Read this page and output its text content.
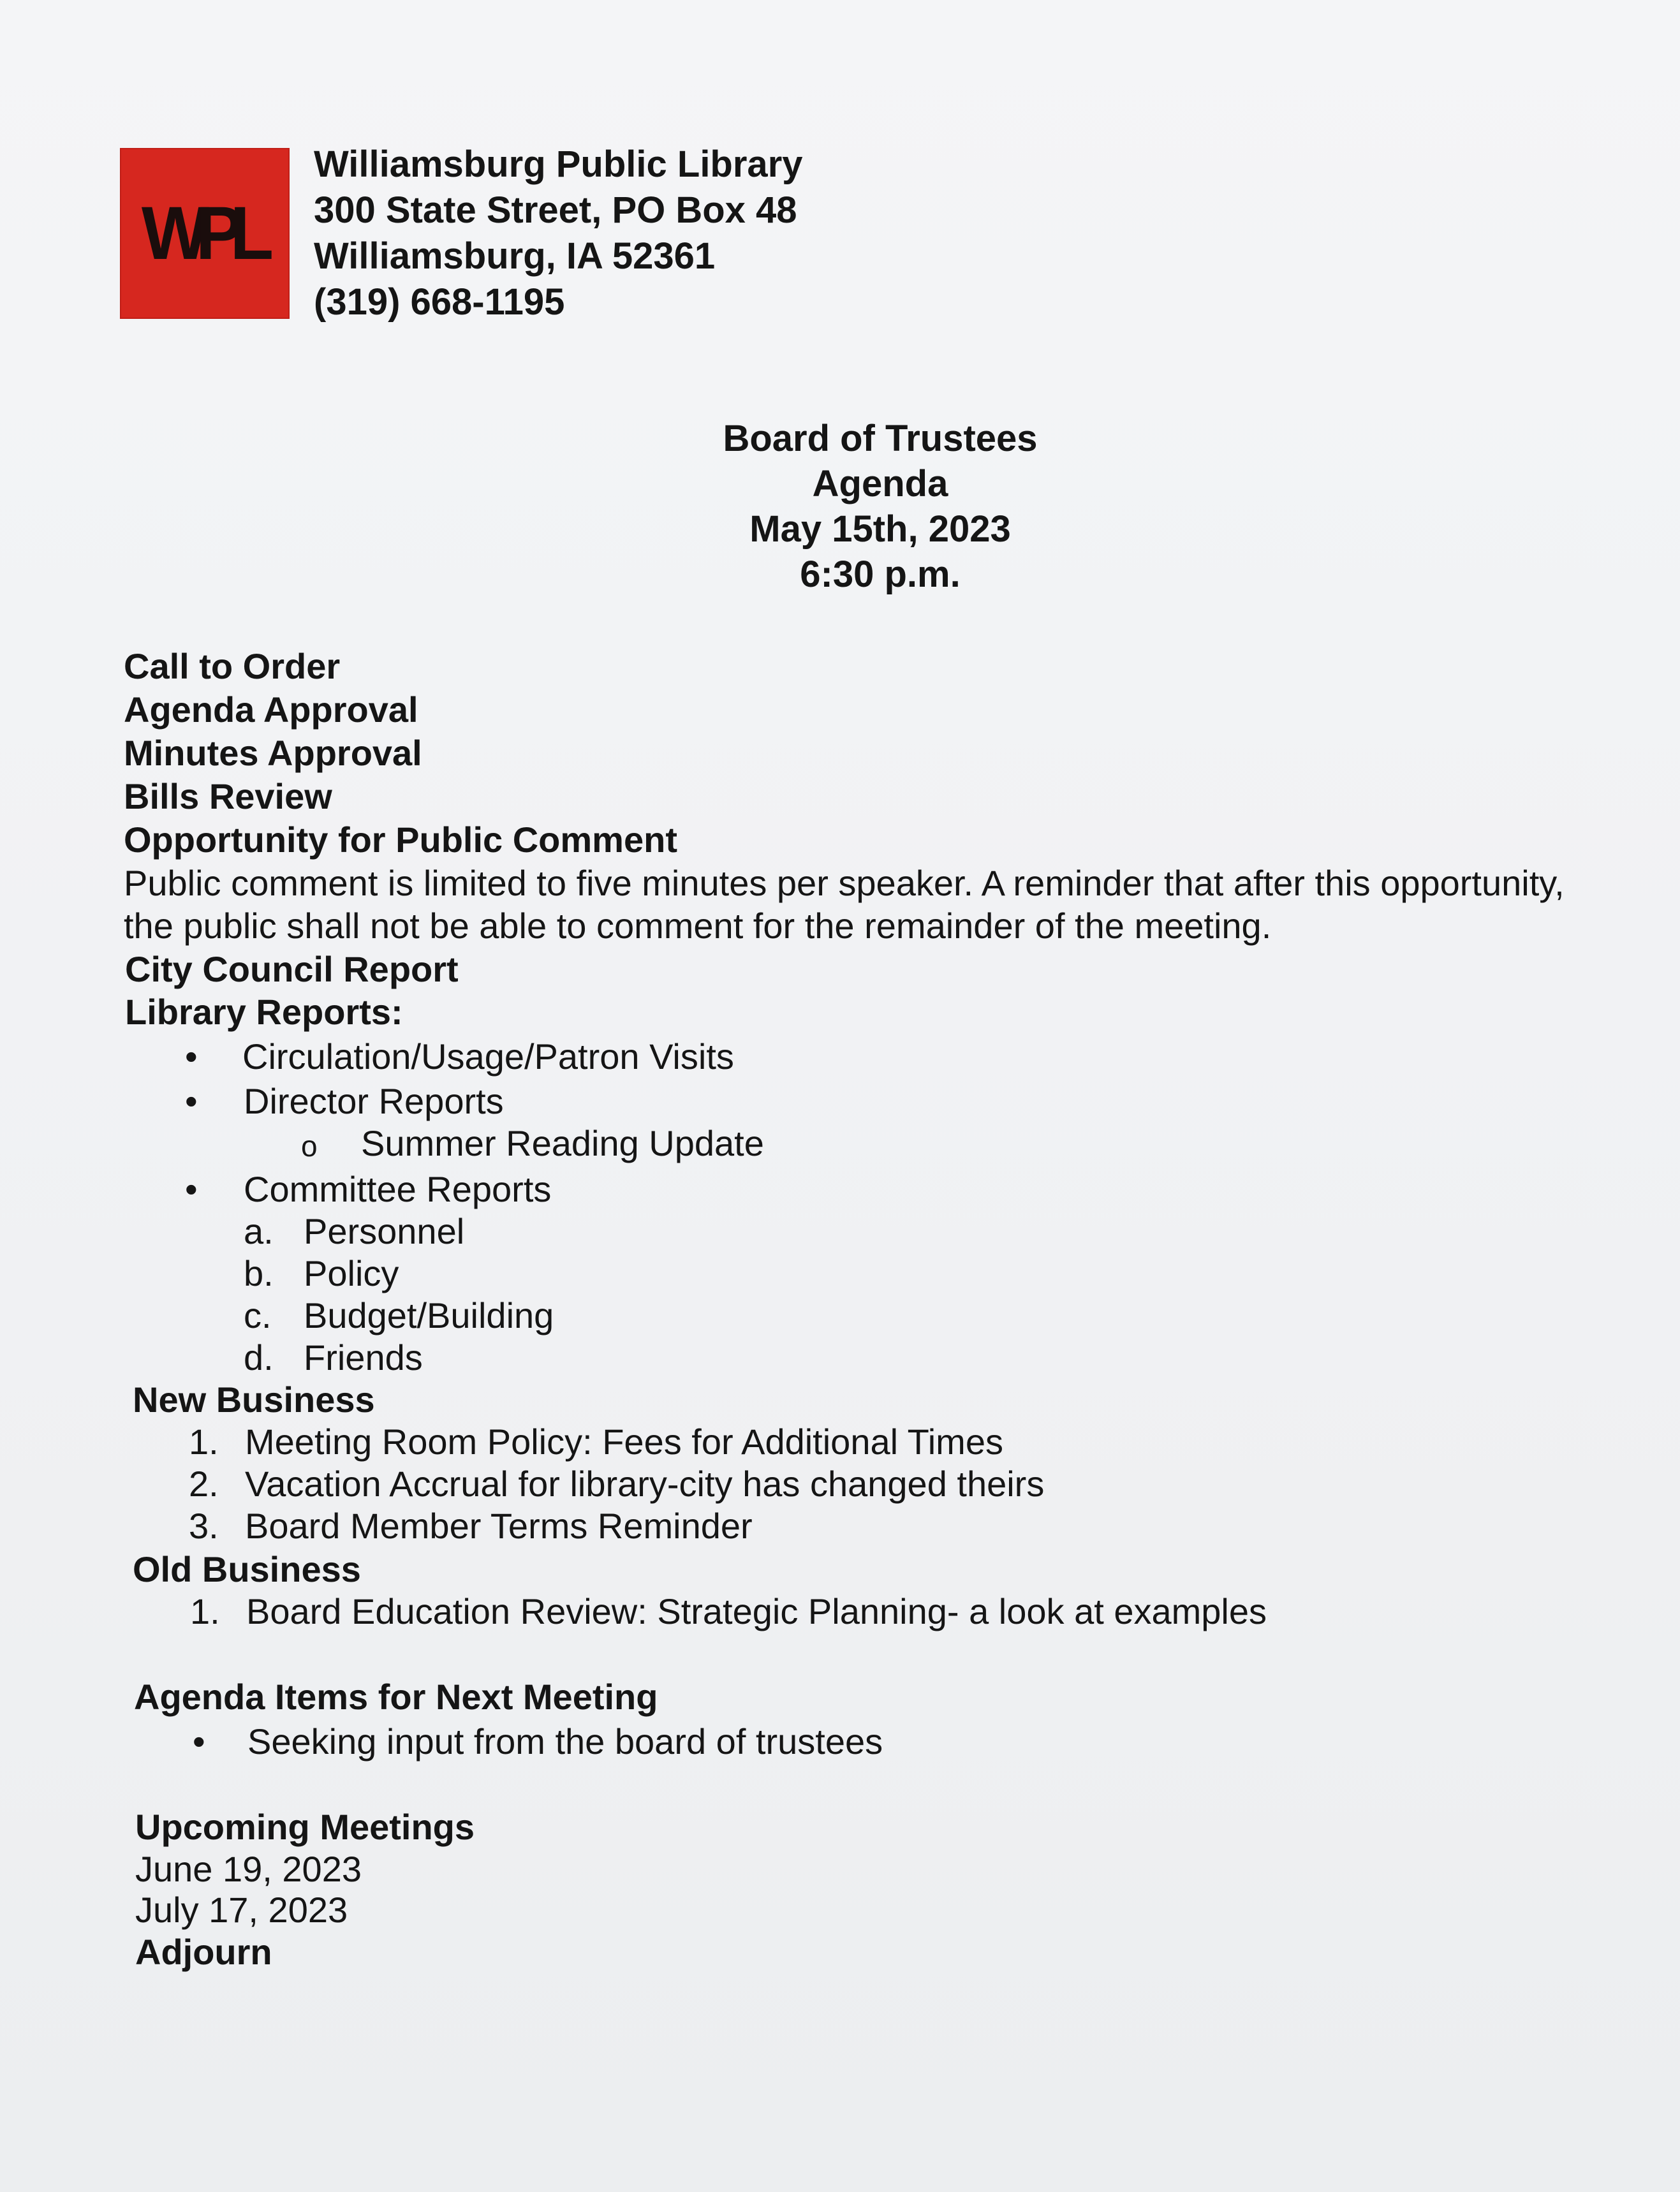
WPL
Williamsburg Public Library
300 State Street, PO Box 48
Williamsburg, IA 52361
(319) 668-1195
Board of Trustees
Agenda
May 15th, 2023
6:30 p.m.
Call to Order
Agenda Approval
Minutes Approval
Bills Review
Opportunity for Public Comment
Public comment is limited to five minutes per speaker. A reminder that after this opportunity,
the public shall not be able to comment for the remainder of the meeting.
City Council Report
Library Reports:
• Circulation/Usage/Patron Visits
• Director Reports
o Summer Reading Update
• Committee Reports
a. Personnel
b. Policy
c. Budget/Building
d. Friends
New Business
1. Meeting Room Policy: Fees for Additional Times
2. Vacation Accrual for library-city has changed theirs
3. Board Member Terms Reminder
Old Business
1. Board Education Review: Strategic Planning- a look at examples
Agenda Items for Next Meeting
• Seeking input from the board of trustees
Upcoming Meetings
June 19, 2023
July 17, 2023
Adjourn
